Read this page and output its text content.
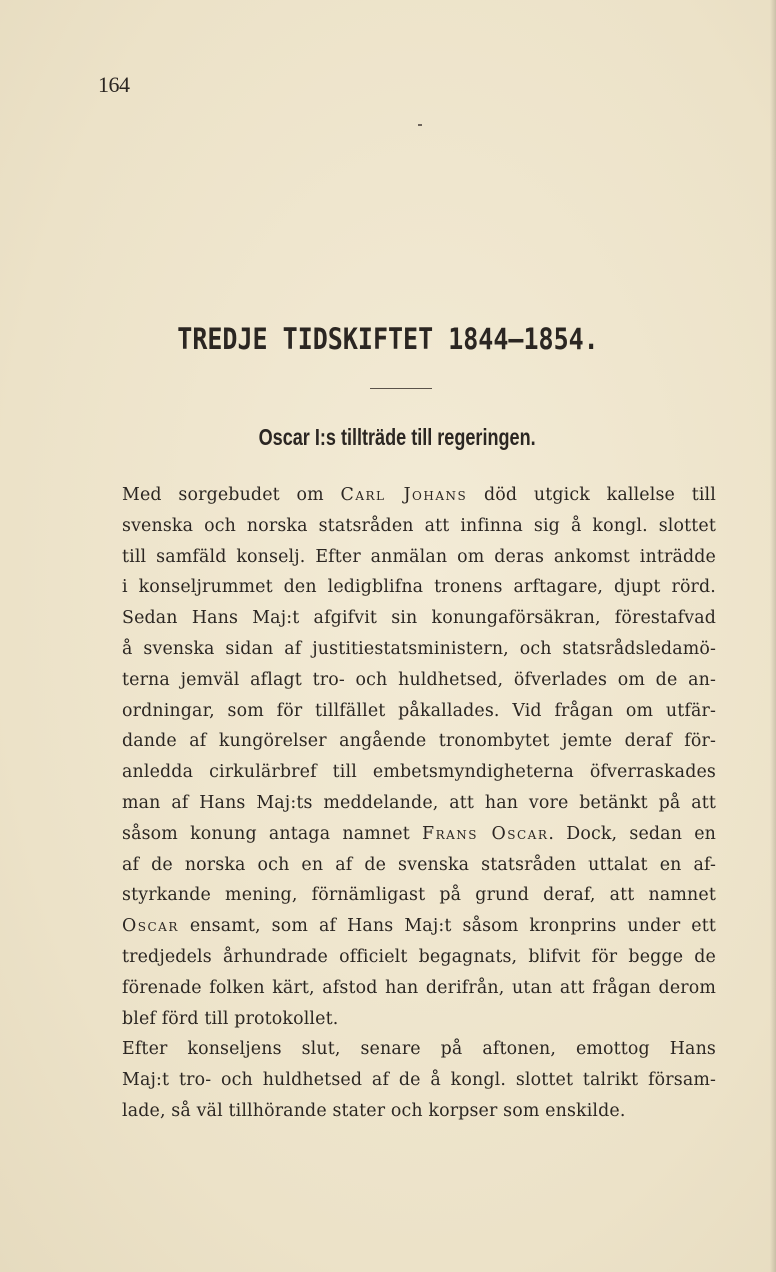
164
TREDJE TIDSKIFTET 1844–1854.
Oscar I:s tillträde till regeringen.

Med sorgebudet om Carl Johans död utgick kallelse till
svenska och norska statsråden att infinna sig å kongl. slottet
till samfäld konselj. Efter anmälan om deras ankomst inträdde
i konseljrummet den ledigblifna tronens arftagare, djupt rörd.
Sedan Hans Maj:t afgifvit sin konungaförsäkran, förestafvad
å svenska sidan af justitiestatsministern, och statsrådsledamö-
terna jemväl aflagt tro- och huldhetsed, öfverlades om de an-
ordningar, som för tillfället påkallades. Vid frågan om utfär-
dande af kungörelser angående tronombytet jemte deraf för-
anledda cirkulärbref till embetsmyndigheterna öfverraskades
man af Hans Maj:ts meddelande, att han vore betänkt på att
såsom konung antaga namnet Frans Oscar. Dock, sedan en
af de norska och en af de svenska statsråden uttalat en af-
styrkande mening, förnämligast på grund deraf, att namnet
Oscar ensamt, som af Hans Maj:t såsom kronprins under ett
tredjedels århundrade officielt begagnats, blifvit för begge de
förenade folken kärt, afstod han derifrån, utan att frågan derom
blef förd till protokollet.

Efter konseljens slut, senare på aftonen, emottog Hans
Maj:t tro- och huldhetsed af de å kongl. slottet talrikt försam-
lade, så väl tillhörande stater och korpser som enskilde.
